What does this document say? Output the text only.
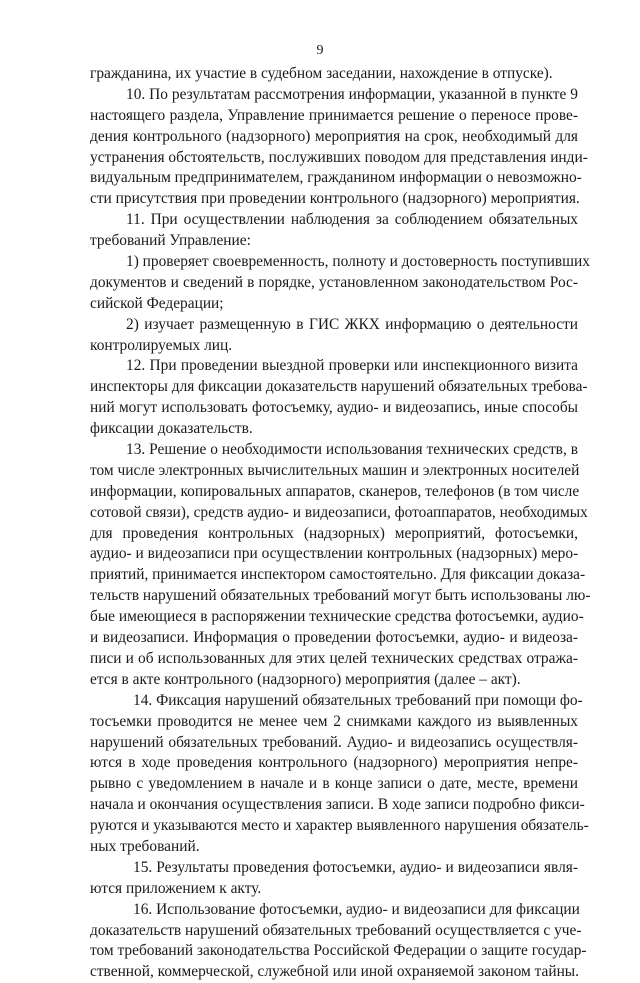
9
гражданина, их участие в судебном заседании, нахождение в отпуске).
10. По результатам рассмотрения информации, указанной в пункте 9
настоящего раздела, Управление принимается решение о переносе прове-
дения контрольного (надзорного) мероприятия на срок, необходимый для
устранения обстоятельств, послуживших поводом для представления инди-
видуальным предпринимателем, гражданином информации о невозможно-
сти присутствия при проведении контрольного (надзорного) мероприятия.
11. При осуществлении наблюдения за соблюдением обязательных
требований Управление:
1) проверяет своевременность, полноту и достоверность поступивших
документов и сведений в порядке, установленном законодательством Рос-
сийской Федерации;
2) изучает размещенную в ГИС ЖКХ информацию о деятельности
контролируемых лиц.
12. При проведении выездной проверки или инспекционного визита
инспекторы для фиксации доказательств нарушений обязательных требова-
ний могут использовать фотосъемку, аудио- и видеозапись, иные способы
фиксации доказательств.
13. Решение о необходимости использования технических средств, в
том числе электронных вычислительных машин и электронных носителей
информации, копировальных аппаратов, сканеров, телефонов (в том числе
сотовой связи), средств аудио- и видеозаписи, фотоаппаратов, необходимых
для проведения контрольных (надзорных) мероприятий, фотосъемки,
аудио- и видеозаписи при осуществлении контрольных (надзорных) меро-
приятий, принимается инспектором самостоятельно. Для фиксации доказа-
тельств нарушений обязательных требований могут быть использованы лю-
бые имеющиеся в распоряжении технические средства фотосъемки, аудио-
и видеозаписи. Информация о проведении фотосъемки, аудио- и видеоза-
писи и об использованных для этих целей технических средствах отража-
ется в акте контрольного (надзорного) мероприятия (далее – акт).
14. Фиксация нарушений обязательных требований при помощи фо-
тосъемки проводится не менее чем 2 снимками каждого из выявленных
нарушений обязательных требований. Аудио- и видеозапись осуществля-
ются в ходе проведения контрольного (надзорного) мероприятия непре-
рывно с уведомлением в начале и в конце записи о дате, месте, времени
начала и окончания осуществления записи. В ходе записи подробно фикси-
руются и указываются место и характер выявленного нарушения обязатель-
ных требований.
15. Результаты проведения фотосъемки, аудио- и видеозаписи явля-
ются приложением к акту.
16. Использование фотосъемки, аудио- и видеозаписи для фиксации
доказательств нарушений обязательных требований осуществляется с уче-
том требований законодательства Российской Федерации о защите государ-
ственной, коммерческой, служебной или иной охраняемой законом тайны.
